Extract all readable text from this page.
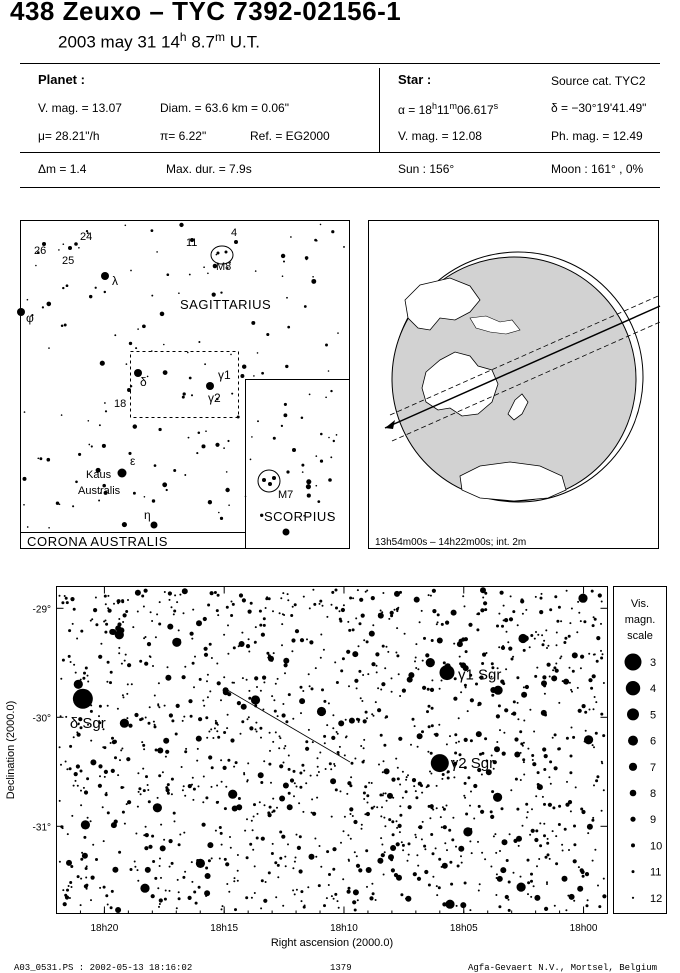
438 Zeuxo – TYC 7392-02156-1
2003 may 31 14$^h$ 8.7$^m$ U.T.
Planet :
V. mag. = 13.07	Diam. = 63.6 km = 0.06"
μ= 28.21"/h	π= 6.22"	Ref. = EG2000
Δm = 1.4	Max. dur. = 7.9s
Star :	Source cat. TYC2
$\alpha = 18^h11^m06.617^s$	δ = −30°19'41.49"
V. mag. = 12.08	Ph. mag. = 12.49
Sun : 156°	Moon : 161° , 0%
26
25
24	11
4
M8
λ
φ
SAGITTARIUS
δ	γ1
γ2
18
ε
Kaus
Australis
η
M7
SCORPIUS
CORONA AUSTRALIS	13h54m00s – 14h22m00s; int. 2m
δ Sgr
γ1 Sgr
γ2 Sgr
Declination (2000.0)
Right ascension (2000.0)
18h20	18h15	18h10	18h05	18h00
-29°
-30°
-31°
Vis.
magn.
scale
3
4
5
6
7
8
9
10
11
12
A03_0531.PS : 2002-05-13 18:16:02	1379	Agfa-Gevaert N.V., Mortsel, Belgium
